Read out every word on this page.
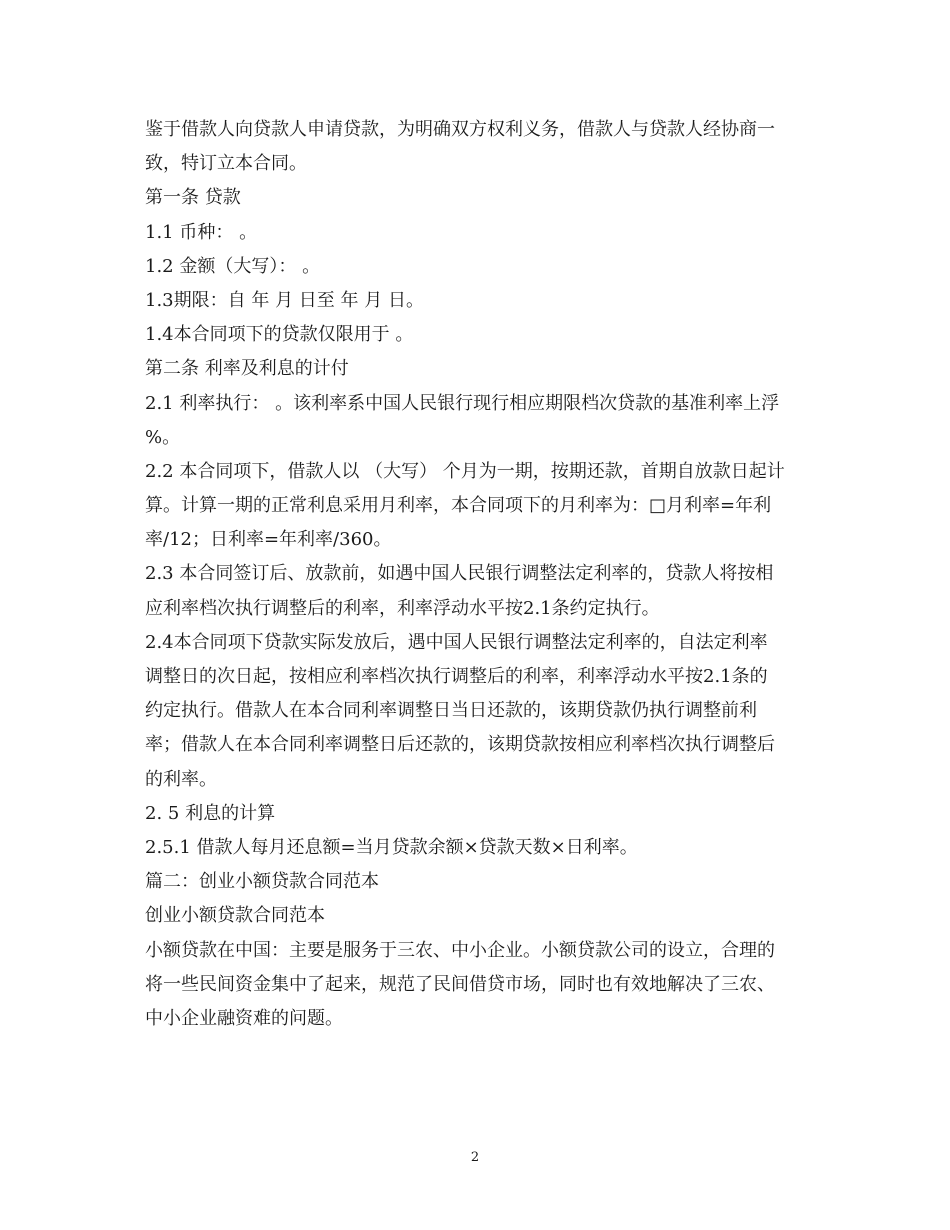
鉴于借款人向贷款人申请贷款，为明确双方权利义务，借款人与贷款人经协商一
致，特订立本合同。
第一条 贷款
1.1 币种： 。
1.2 金额（大写）： 。
1.3期限：自 年 月 日至 年 月 日。
1.4本合同项下的贷款仅限用于 。
第二条 利率及利息的计付
2.1 利率执行： 。该利率系中国人民银行现行相应期限档次贷款的基准利率上浮
%。
2.2 本合同项下，借款人以 （大写） 个月为一期，按期还款，首期自放款日起计
算。计算一期的正常利息采用月利率，本合同项下的月利率为：□月利率=年利
率/12；日利率=年利率/360。
2.3 本合同签订后、放款前，如遇中国人民银行调整法定利率的，贷款人将按相
应利率档次执行调整后的利率，利率浮动水平按2.1条约定执行。
2.4本合同项下贷款实际发放后，遇中国人民银行调整法定利率的，自法定利率
调整日的次日起，按相应利率档次执行调整后的利率，利率浮动水平按2.1条的
约定执行。借款人在本合同利率调整日当日还款的，该期贷款仍执行调整前利
率；借款人在本合同利率调整日后还款的，该期贷款按相应利率档次执行调整后
的利率。
2. 5 利息的计算
2.5.1 借款人每月还息额=当月贷款余额×贷款天数×日利率。
篇二：创业小额贷款合同范本
创业小额贷款合同范本
小额贷款在中国：主要是服务于三农、中小企业。小额贷款公司的设立，合理的
将一些民间资金集中了起来，规范了民间借贷市场，同时也有效地解决了三农、
中小企业融资难的问题。
2
